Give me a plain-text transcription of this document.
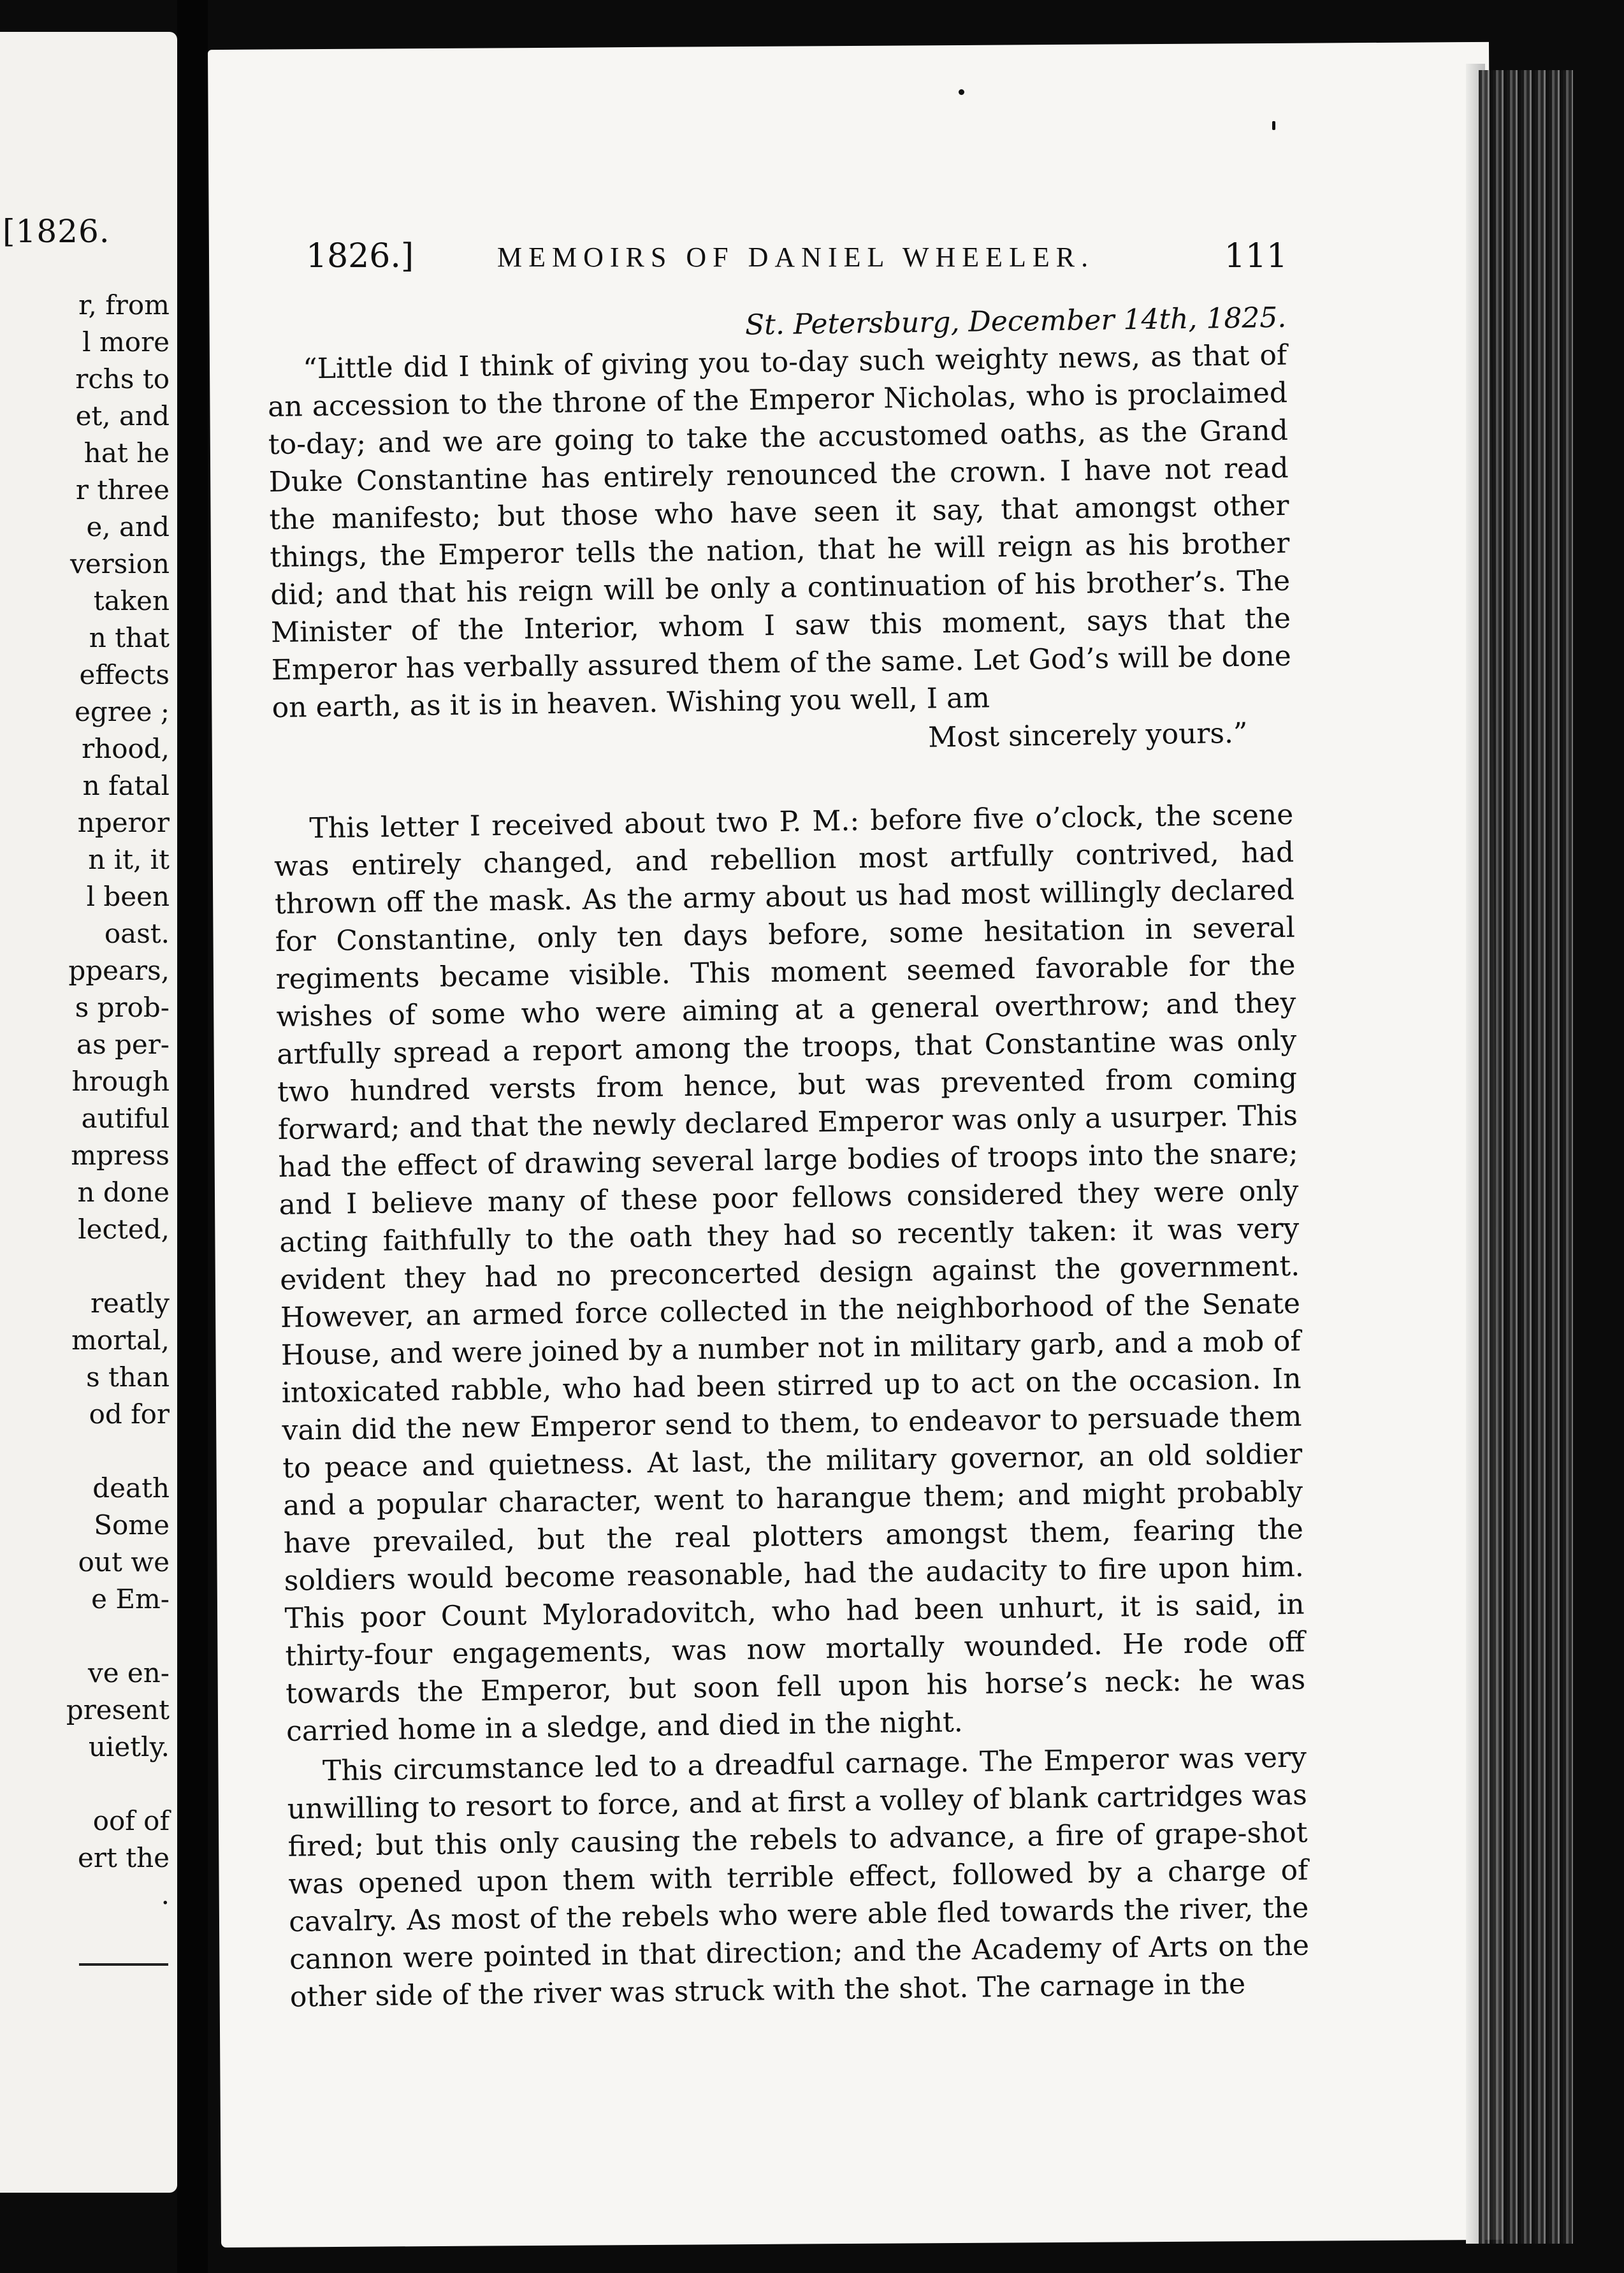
[1826.
r, from
l more
rchs to
et, and
hat he
r three
e, and
version
taken
n that
effects
egree ;
rhood,
n fatal
nperor
n it, it
l been
oast.
ppears,
s prob-
as per-
hrough
autiful
mpress
n done
lected,
reatly
mortal,
s than
od for
death
Some
out we
e Em-
ve en-
present
uietly.
oof of
ert the
.
1826.]	MEMOIRS OF DANIEL WHEELER.	111

St. Petersburg, December 14th, 1825.

“Little did I think of giving you to-day such weighty news, as that of an accession to the throne of the Emperor Nicholas, who is proclaimed to-day; and we are going to take the accustomed oaths, as the Grand Duke Constantine has entirely renounced the crown. I have not read the manifesto; but those who have seen it say, that amongst other things, the Emperor tells the nation, that he will reign as his brother did; and that his reign will be only a continuation of his brother’s. The Minister of the Interior, whom I saw this moment, says that the Emperor has verbally assured them of the same. Let God’s will be done on earth, as it is in heaven. Wishing you well, I am

Most sincerely yours.”

This letter I received about two P. M.: before five o’clock, the scene was entirely changed, and rebellion most artfully contrived, had thrown off the mask. As the army about us had most willingly declared for Constantine, only ten days before, some hesitation in several regiments became visible. This moment seemed favorable for the wishes of some who were aiming at a general overthrow; and they artfully spread a report among the troops, that Constantine was only two hundred versts from hence, but was prevented from coming forward; and that the newly declared Emperor was only a usurper. This had the effect of drawing several large bodies of troops into the snare; and I believe many of these poor fellows considered they were only acting faithfully to the oath they had so recently taken: it was very evident they had no preconcerted design against the government. However, an armed force collected in the neighborhood of the Senate House, and were joined by a number not in military garb, and a mob of intoxicated rabble, who had been stirred up to act on the occasion. In vain did the new Emperor send to them, to endeavor to persuade them to peace and quietness. At last, the military governor, an old soldier and a popular character, went to harangue them; and might probably have prevailed, but the real plotters amongst them, fearing the soldiers would become reasonable, had the audacity to fire upon him. This poor Count Myloradovitch, who had been unhurt, it is said, in thirty-four engagements, was now mortally wounded. He rode off towards the Emperor, but soon fell upon his horse’s neck: he was carried home in a sledge, and died in the night.

This circumstance led to a dreadful carnage. The Emperor was very unwilling to resort to force, and at first a volley of blank cartridges was fired; but this only causing the rebels to advance, a fire of grape-shot was opened upon them with terrible effect, followed by a charge of cavalry. As most of the rebels who were able fled towards the river, the cannon were pointed in that direction; and the Academy of Arts on the other side of the river was struck with the shot. The carnage in the
